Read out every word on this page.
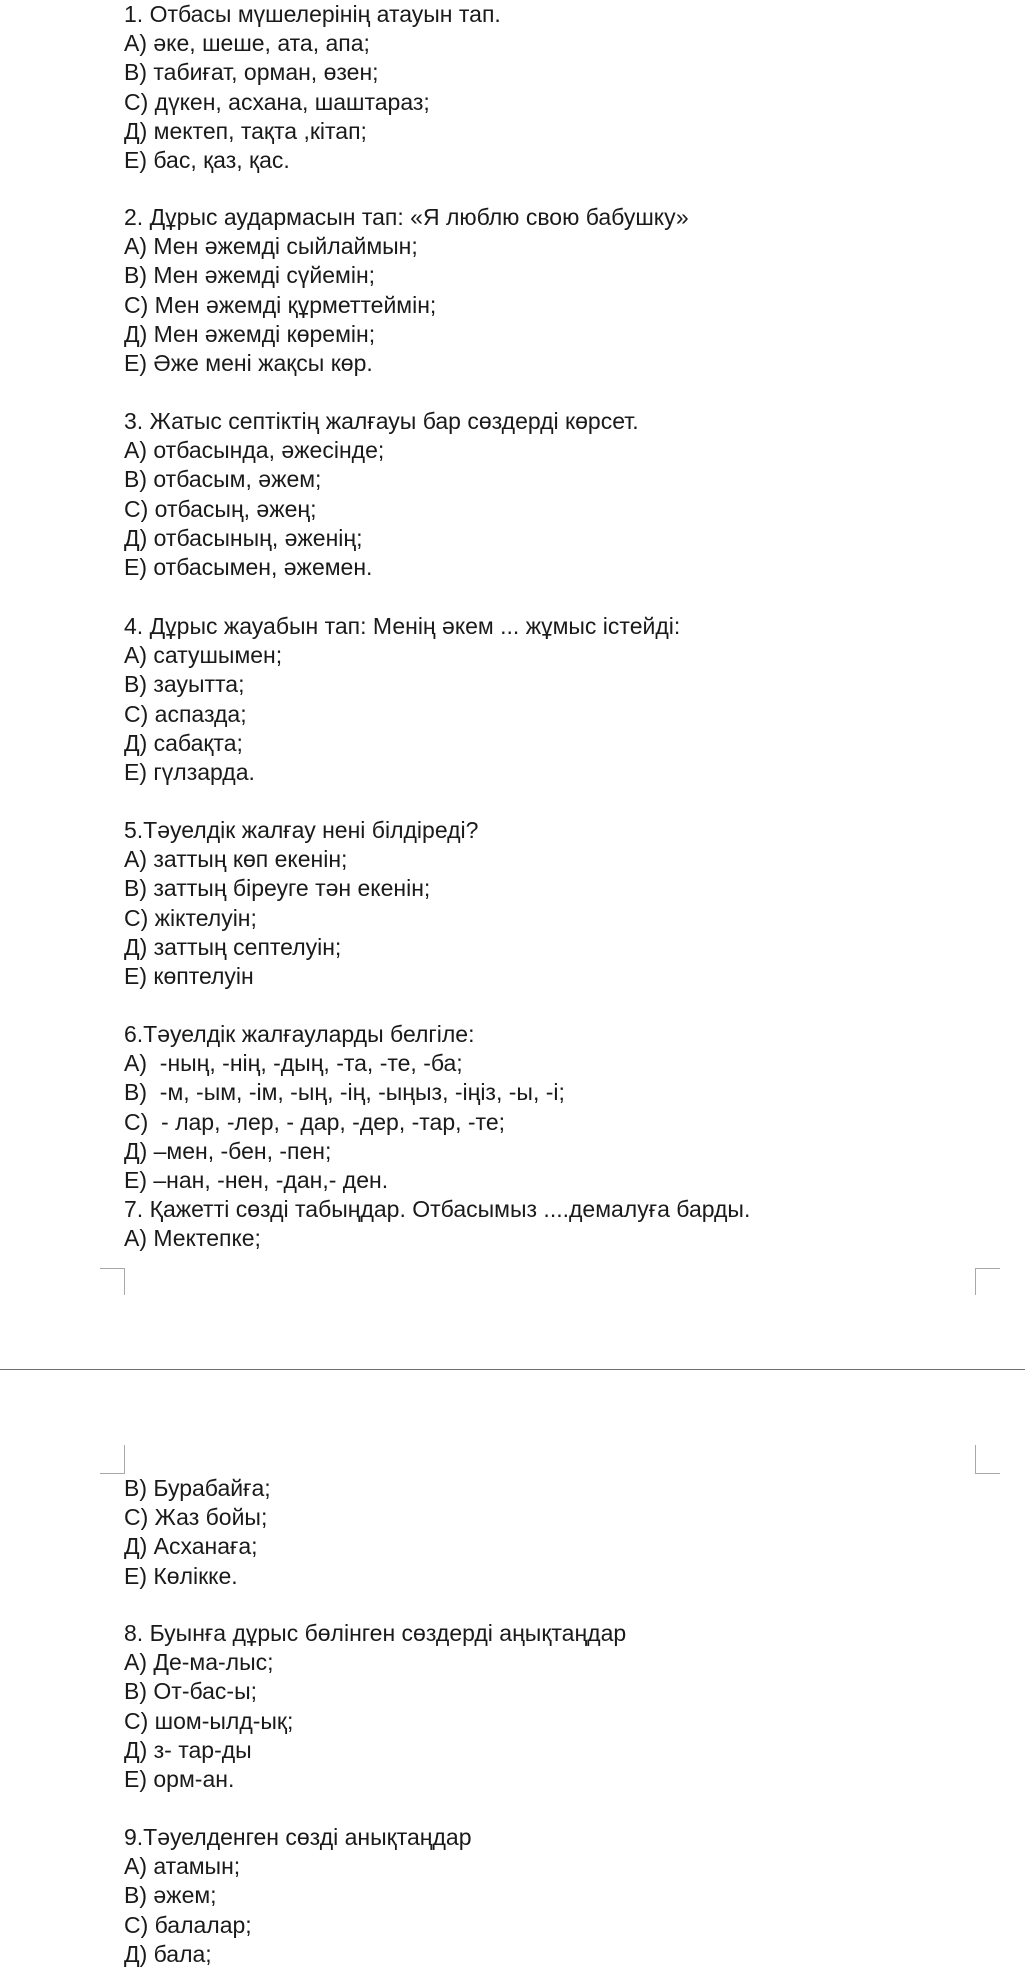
1. Отбасы мүшелерінің атауын тап.
А) әке, шеше, ата, апа;
В) табиғат, орман, өзен;
С) дүкен, асхана, шаштараз;
Д) мектеп, тақта ,кітап;
Е) бас, қаз, қас.
2. Дұрыс аудармасын тап: «Я люблю свою бабушку»
А) Мен әжемді сыйлаймын;
В) Мен әжемді сүйемін;
С) Мен әжемді құрметтеймін;
Д) Мен әжемді көремін;
Е) Әже мені жақсы көр.
3. Жатыс септіктің жалғауы бар сөздерді көрсет.
А) отбасында, әжесінде;
В) отбасым, әжем;
С) отбасың, әжең;
Д) отбасының, әженің;
Е) отбасымен, әжемен.
4. Дұрыс жауабын тап: Менің әкем ... жұмыс істейді:
А) сатушымен;
В) зауытта;
С) аспазда;
Д) сабақта;
Е) гүлзарда.
5.Тәуелдік жалғау нені білдіреді?
А) заттың көп екенін;
В) заттың біреуге тән екенін;
С) жіктелуін;
Д) заттың септелуін;
Е) көптелуін
6.Тәуелдік жалғауларды белгіле:
А)  -ның, -нің, -дың, -та, -те, -ба;
В)  -м, -ым, -ім, -ың, -ің, -ыңыз, -іңіз, -ы, -і;
С)  - лар, -лер, - дар, -дер, -тар, -те;
Д) –мен, -бен, -пен;
Е) –нан, -нен, -дан,- ден.
7. Қажетті сөзді табыңдар. Отбасымыз ....демалуға барды.
А) Мектепке;
В) Бурабайға;
С) Жаз бойы;
Д) Асханаға;
Е) Көлікке.
8. Буынға дұрыс бөлінген сөздерді аңықтаңдар
А) Де-ма-лыс;
В) От-бас-ы;
С) шом-ылд-ық;
Д) з- тар-ды
Е) орм-ан.
9.Тәуелденген сөзді анықтаңдар
А) атамын;
В) әжем;
С) балалар;
Д) бала;
